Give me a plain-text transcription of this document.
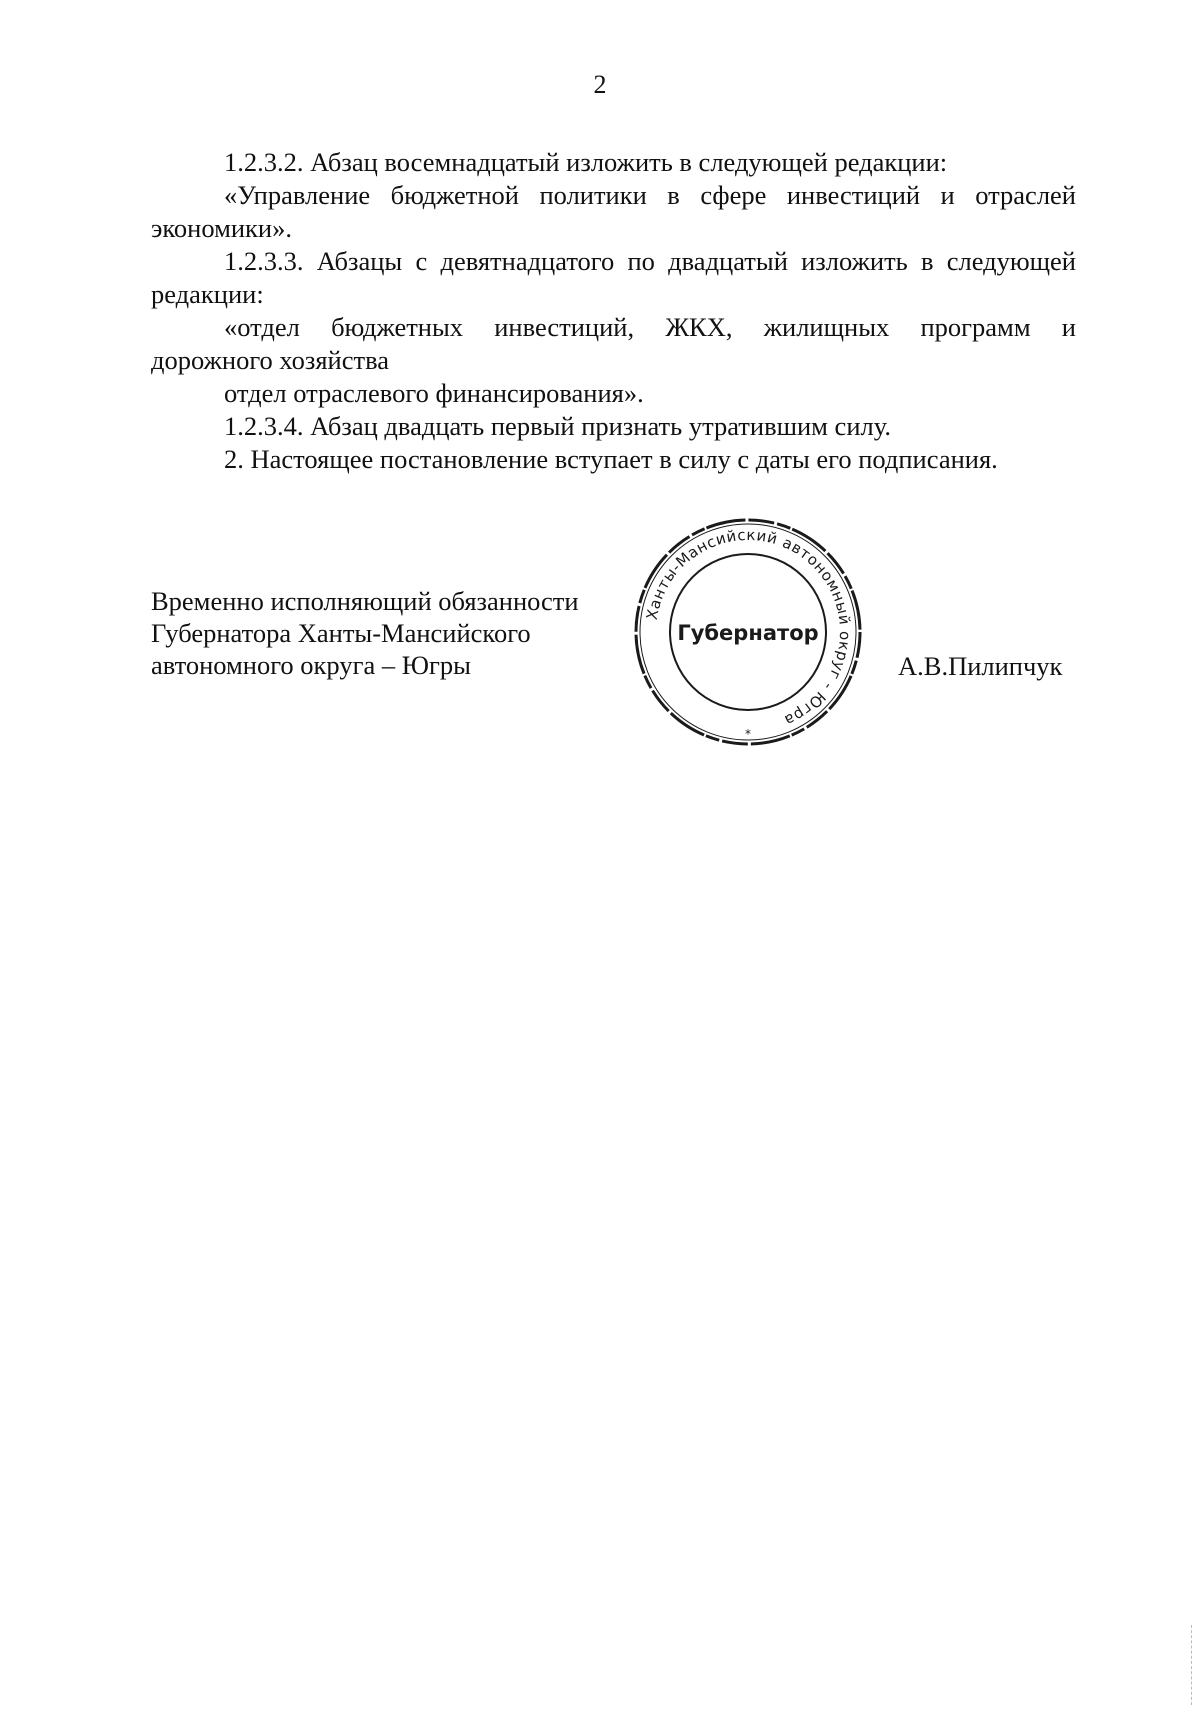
2
1.2.3.2. Абзац восемнадцатый изложить в следующей редакции:
«Управление бюджетной политики в сфере инвестиций и отраслей
экономики».
1.2.3.3. Абзацы с девятнадцатого по двадцатый изложить в следующей
редакции:
«отдел бюджетных инвестиций, ЖКХ, жилищных программ и
дорожного хозяйства
отдел отраслевого финансирования».
1.2.3.4. Абзац двадцать первый признать утратившим силу.
2. Настоящее постановление вступает в силу с даты его подписания.
Временно исполняющий обязанности
Губернатора Ханты-Мансийского
автономного округа – Югры	А.В.Пилипчук
Ханты-Мансийский автономный округ - Югра
Губернатор
*
